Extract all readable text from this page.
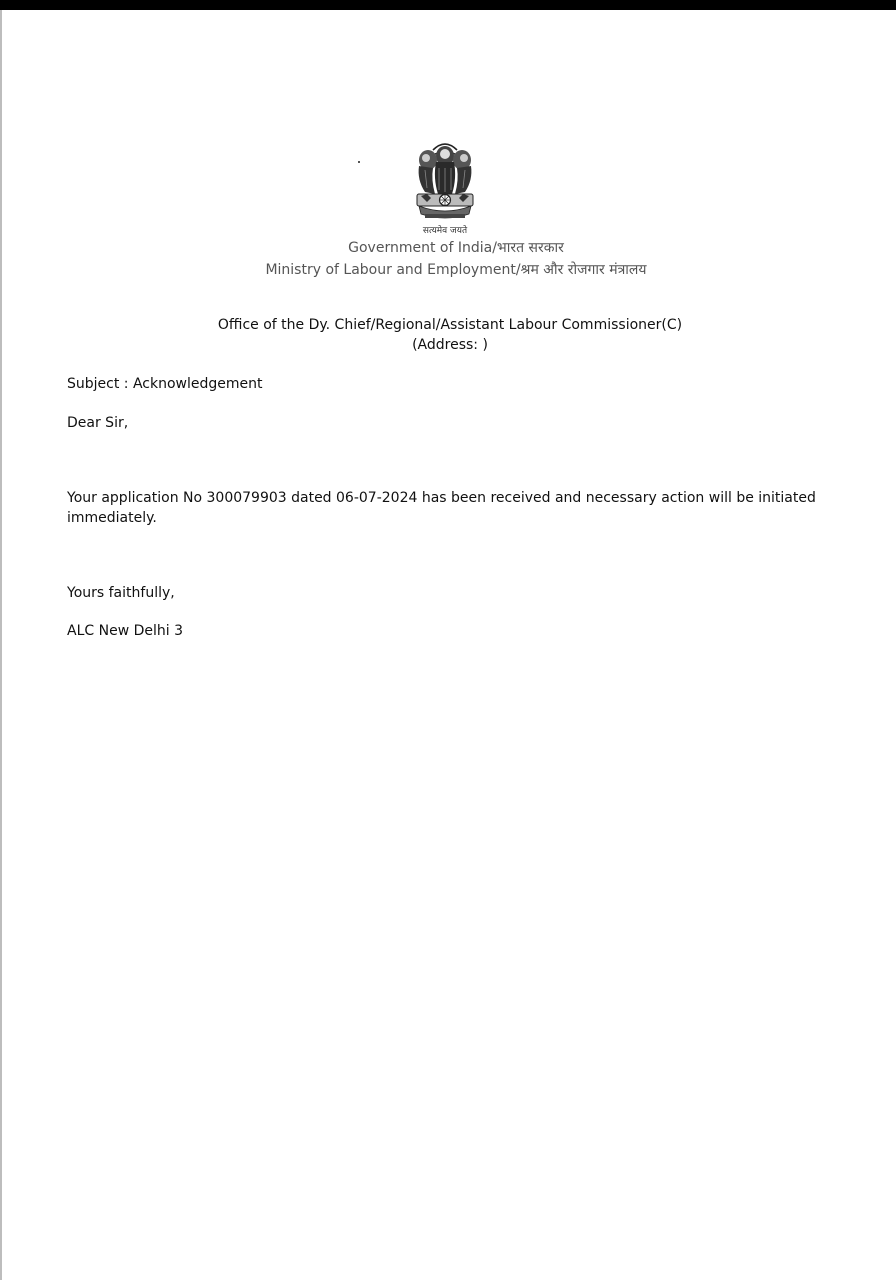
सत्यमेव जयते
Government of India/भारत सरकार
Ministry of Labour and Employment/श्रम और रोजगार मंत्रालय
Office of the Dy. Chief/Regional/Assistant Labour Commissioner(C)
(Address: )

Subject : Acknowledgement

Dear Sir,

Your application No 300079903 dated 06-07-2024 has been received and necessary action will be initiated immediately.

Yours faithfully,

ALC New Delhi 3
